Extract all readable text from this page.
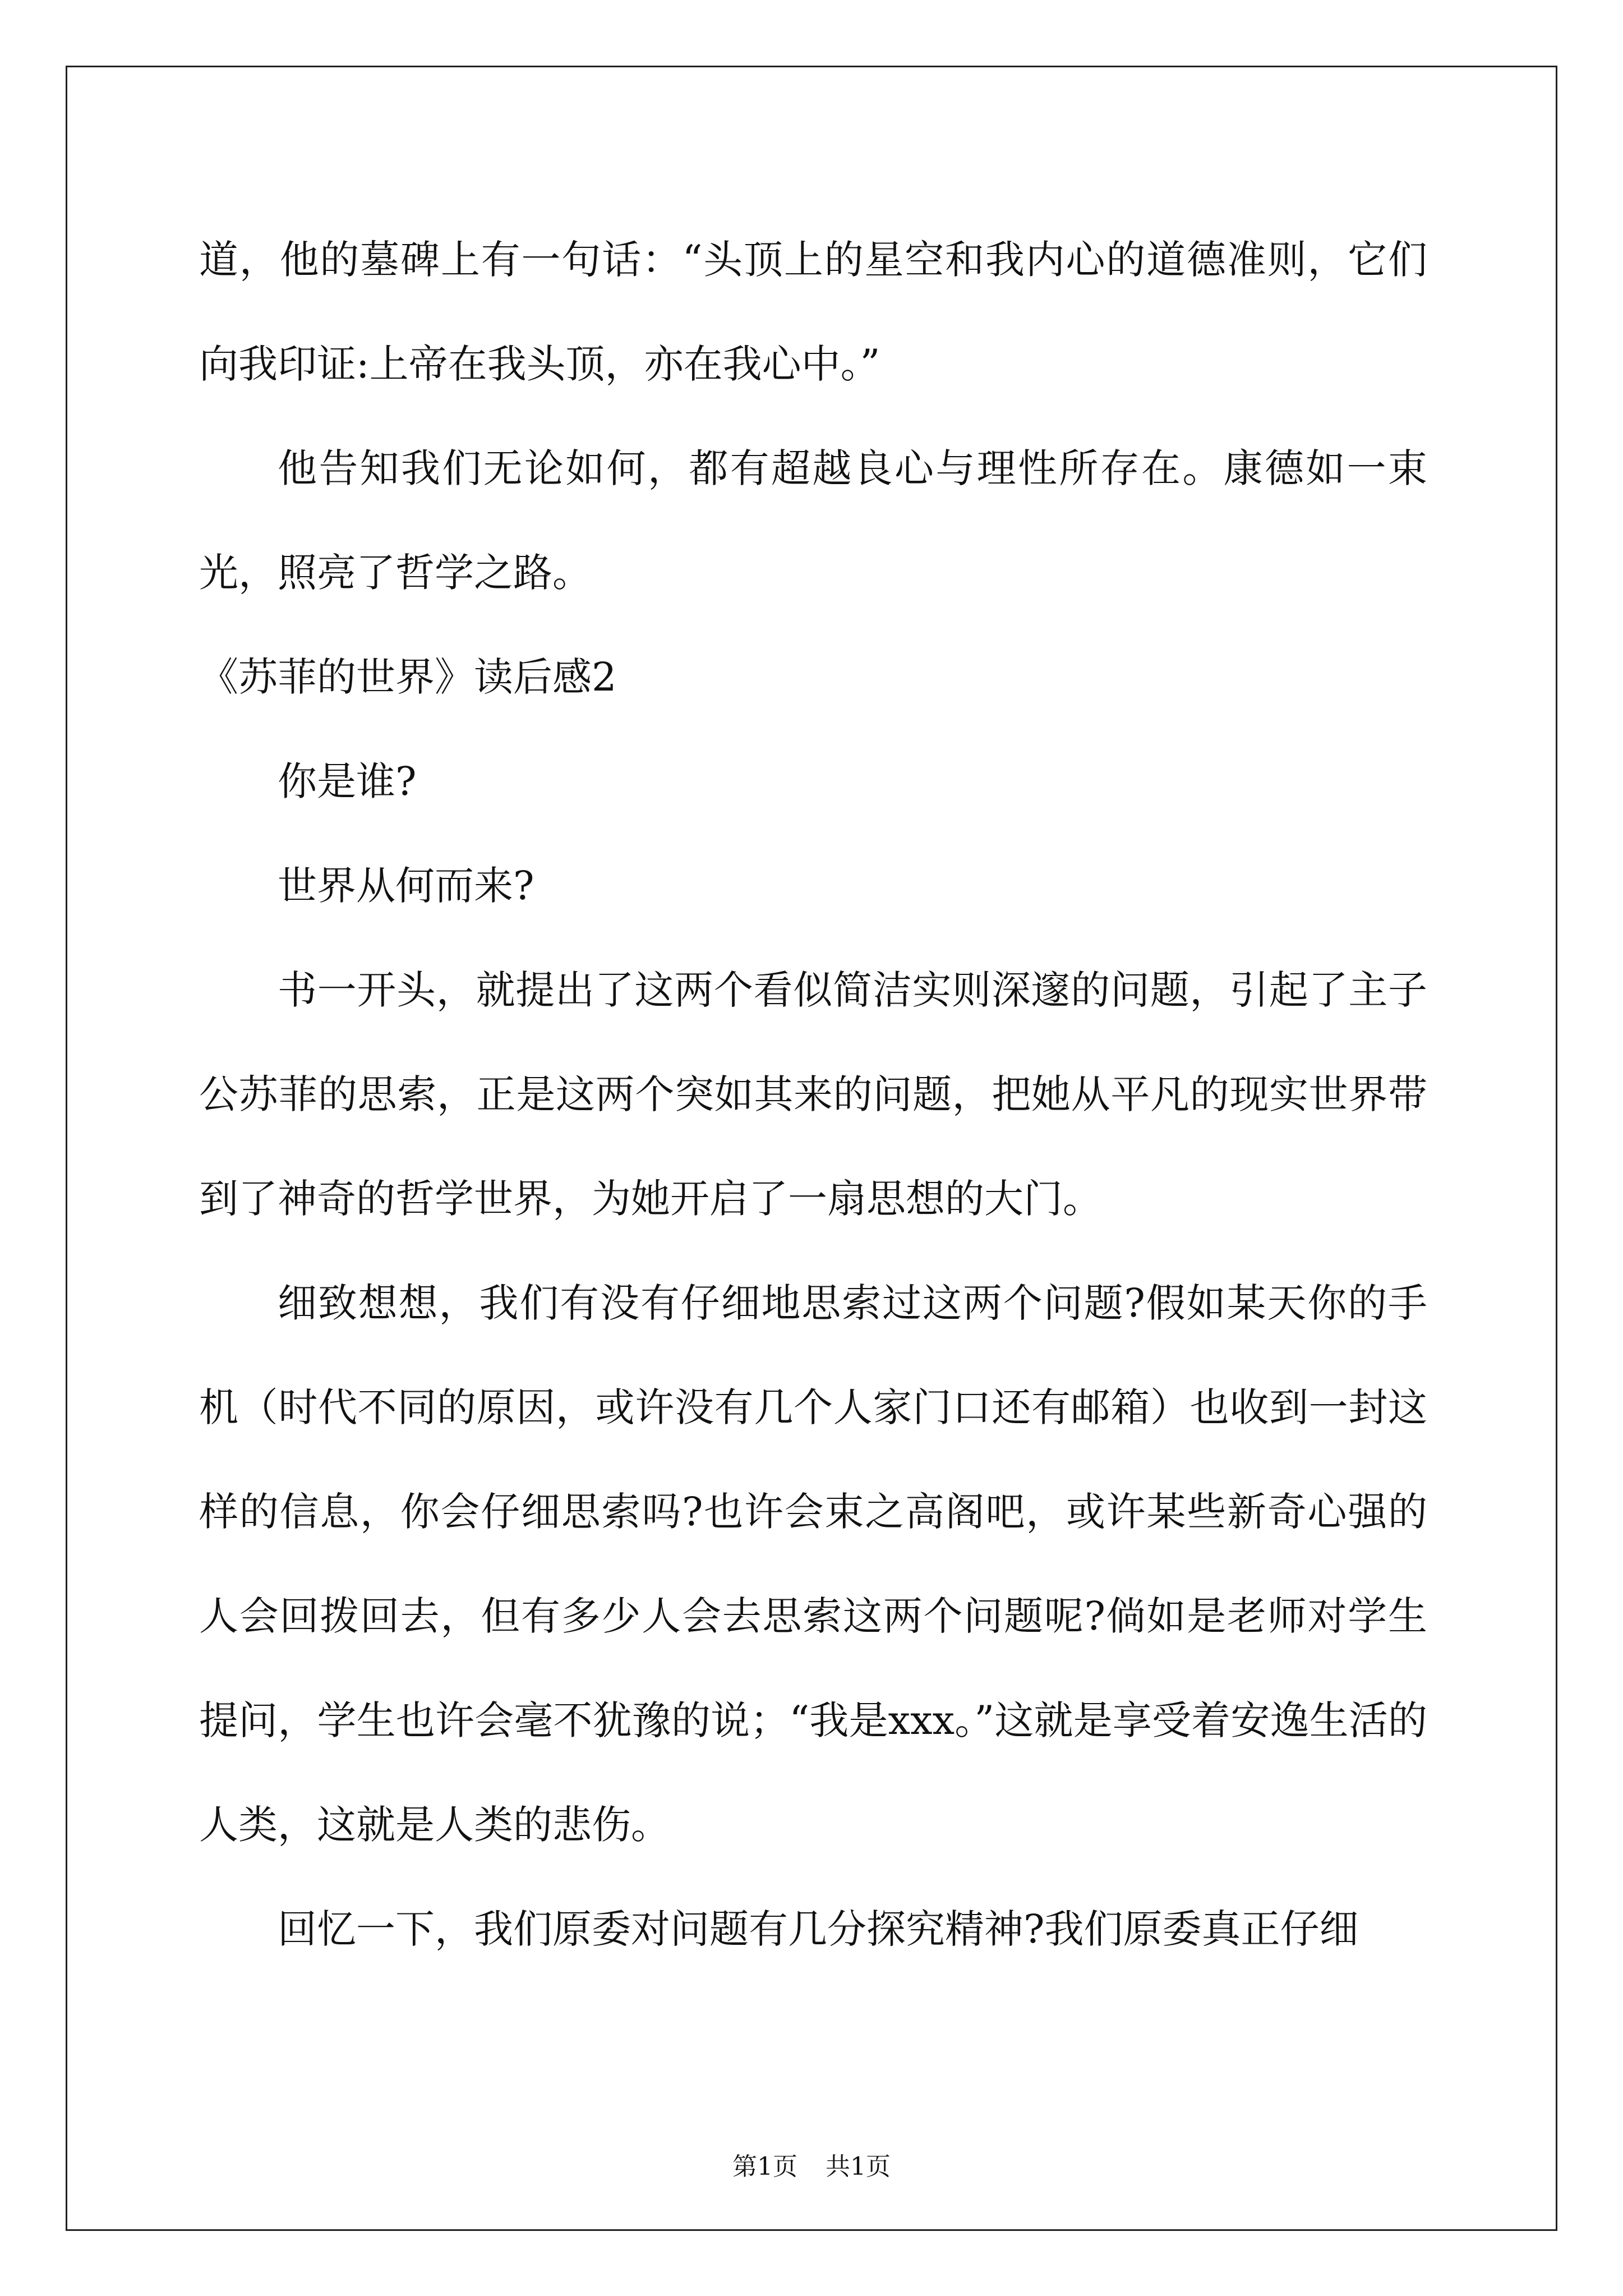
道，他的墓碑上有一句话：“头顶上的星空和我内心的道德准则，它们向我印证:上帝在我头顶，亦在我心中。”

他告知我们无论如何，都有超越良心与理性所存在。康德如一束光，照亮了哲学之路。

《苏菲的世界》读后感2

你是谁?

世界从何而来?

书一开头，就提出了这两个看似简洁实则深邃的问题，引起了主子公苏菲的思索，正是这两个突如其来的问题，把她从平凡的现实世界带到了神奇的哲学世界，为她开启了一扇思想的大门。

细致想想，我们有没有仔细地思索过这两个问题?假如某天你的手机（时代不同的原因，或许没有几个人家门口还有邮箱）也收到一封这样的信息，你会仔细思索吗?也许会束之高阁吧，或许某些新奇心强的人会回拨回去，但有多少人会去思索这两个问题呢?倘如是老师对学生提问，学生也许会毫不犹豫的说；“我是xxx。”这就是享受着安逸生活的人类，这就是人类的悲伤。

回忆一下，我们原委对问题有几分探究精神?我们原委真正仔细

第1页 共1页
